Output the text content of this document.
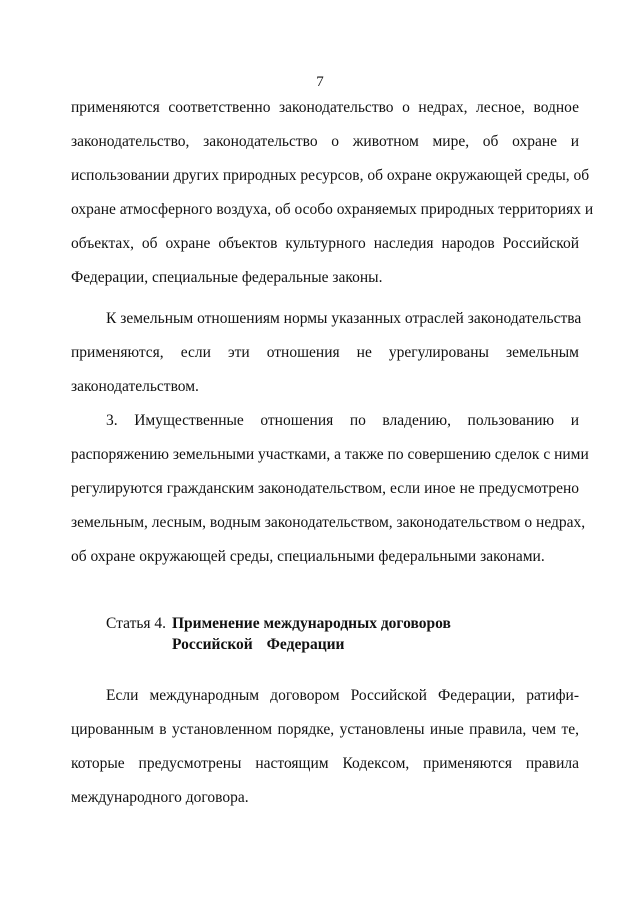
7
применяются соответственно законодательство о недрах, лесное, водное
законодательство, законодательство о животном мире, об охране и
использовании других природных ресурсов, об охране окружающей среды, об
охране атмосферного воздуха, об особо охраняемых природных территориях и
объектах, об охране объектов культурного наследия народов Российской
Федерации, специальные федеральные законы.
К земельным отношениям нормы указанных отраслей законодательства
применяются, если эти отношения не урегулированы земельным
законодательством.
3. Имущественные отношения по владению, пользованию и
распоряжению земельными участками, а также по совершению сделок с ними
регулируются гражданским законодательством, если иное не предусмотрено
земельным, лесным, водным законодательством, законодательством о недрах,
об охране окружающей среды, специальными федеральными законами.
Статья 4. Применение международных договоров
Российской Федерации
Если международным договором Российской Федерации, ратифи-
цированным в установленном порядке, установлены иные правила, чем те,
которые предусмотрены настоящим Кодексом, применяются правила
международного договора.
